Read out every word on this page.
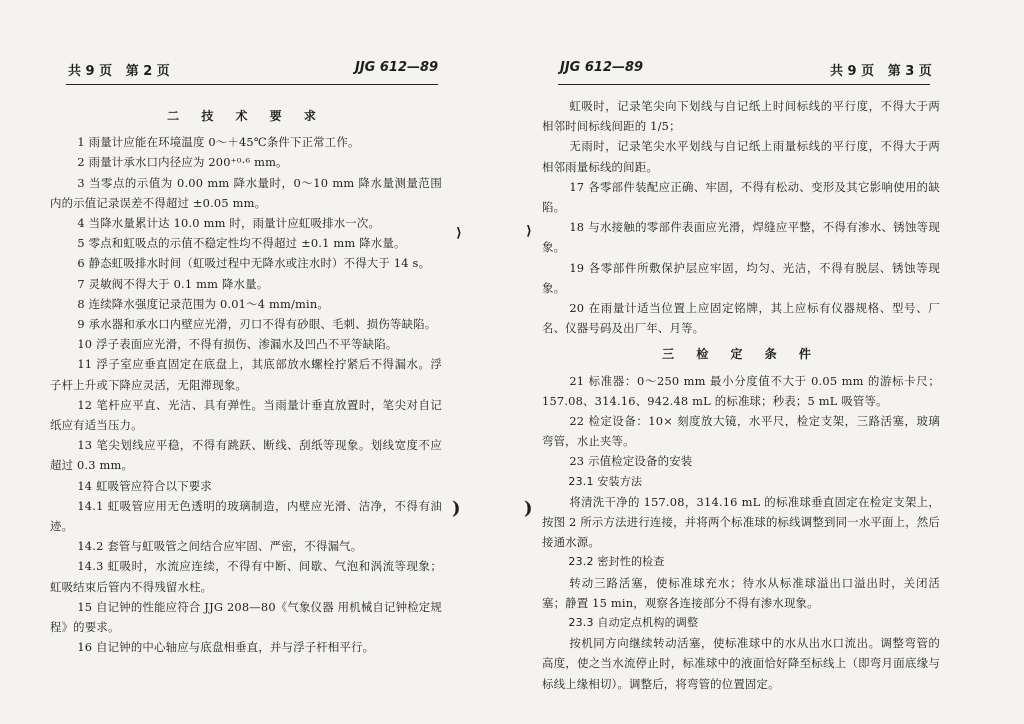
共 9 页 第 2 页	JJG 612—89
二 技 术 要 求

1 雨量计应能在环境温度 0～＋45℃条件下正常工作。

2 雨量计承水口内径应为 200⁺⁰·⁶ mm。

3 当零点的示值为 0.00 mm 降水量时，0～10 mm 降水量测量范围内的示值记录误差不得超过 ±0.05 mm。

4 当降水量累计达 10.0 mm 时，雨量计应虹吸排水一次。

5 零点和虹吸点的示值不稳定性均不得超过 ±0.1 mm 降水量。

6 静态虹吸排水时间（虹吸过程中无降水或注水时）不得大于 14 s。

7 灵敏阀不得大于 0.1 mm 降水量。

8 连续降水强度记录范围为 0.01～4 mm/min。

9 承水器和承水口内壁应光滑，刃口不得有砂眼、毛刺、损伤等缺陷。

10 浮子表面应光滑，不得有损伤、渗漏水及凹凸不平等缺陷。

11 浮子室应垂直固定在底盘上，其底部放水螺栓拧紧后不得漏水。浮子杆上升或下降应灵活，无阻滞现象。

12 笔杆应平直、光洁、具有弹性。当雨量计垂直放置时，笔尖对自记纸应有适当压力。

13 笔尖划线应平稳，不得有跳跃、断线、刮纸等现象。划线宽度不应超过 0.3 mm。

14 虹吸管应符合以下要求

14.1 虹吸管应用无色透明的玻璃制造，内壁应光滑、洁净，不得有油迹。

14.2 套管与虹吸管之间结合应牢固、严密，不得漏气。

14.3 虹吸时，水流应连续，不得有中断、间歇、气泡和涡流等现象；虹吸结束后管内不得残留水柱。

15 自记钟的性能应符合 JJG 208—80《气象仪器 用机械自记钟检定规程》的要求。

16 自记钟的中心轴应与底盘相垂直，并与浮子杆相平行。

⟩
)
JJG 612—89	共 9 页 第 3 页

虹吸时，记录笔尖向下划线与自记纸上时间标线的平行度，不得大于两相邻时间标线间距的 1/5；

无雨时，记录笔尖水平划线与自记纸上雨量标线的平行度，不得大于两相邻雨量标线的间距。

17 各零部件装配应正确、牢固，不得有松动、变形及其它影响使用的缺陷。

18 与水接触的零部件表面应光滑，焊缝应平整，不得有渗水、锈蚀等现象。

19 各零部件所敷保护层应牢固，均匀、光洁，不得有脱层、锈蚀等现象。

20 在雨量计适当位置上应固定铭牌，其上应标有仪器规格、型号、厂名、仪器号码及出厂年、月等。

三 检 定 条 件

21 标准器：0～250 mm 最小分度值不大于 0.05 mm 的游标卡尺；157.08、314.16、942.48 mL 的标准球；秒表；5 mL 吸管等。

22 检定设备：10× 刻度放大镜，水平尺，检定支架，三路活塞，玻璃弯管，水止夹等。

23 示值检定设备的安装

23.1 安装方法

将清洗干净的 157.08，314.16 mL 的标准球垂直固定在检定支架上，按图 2 所示方法进行连接，并将两个标准球的标线调整到同一水平面上，然后接通水源。

23.2 密封性的检查

转动三路活塞，使标准球充水；待水从标准球溢出口溢出时，关闭活塞；静置 15 min，观察各连接部分不得有渗水现象。

23.3 自动定点机构的调整

按机同方向继续转动活塞，使标准球中的水从出水口流出。调整弯管的高度，使之当水流停止时，标准球中的液面恰好降至标线上（即弯月面底缘与标线上缘相切）。调整后，将弯管的位置固定。

⟩
)
